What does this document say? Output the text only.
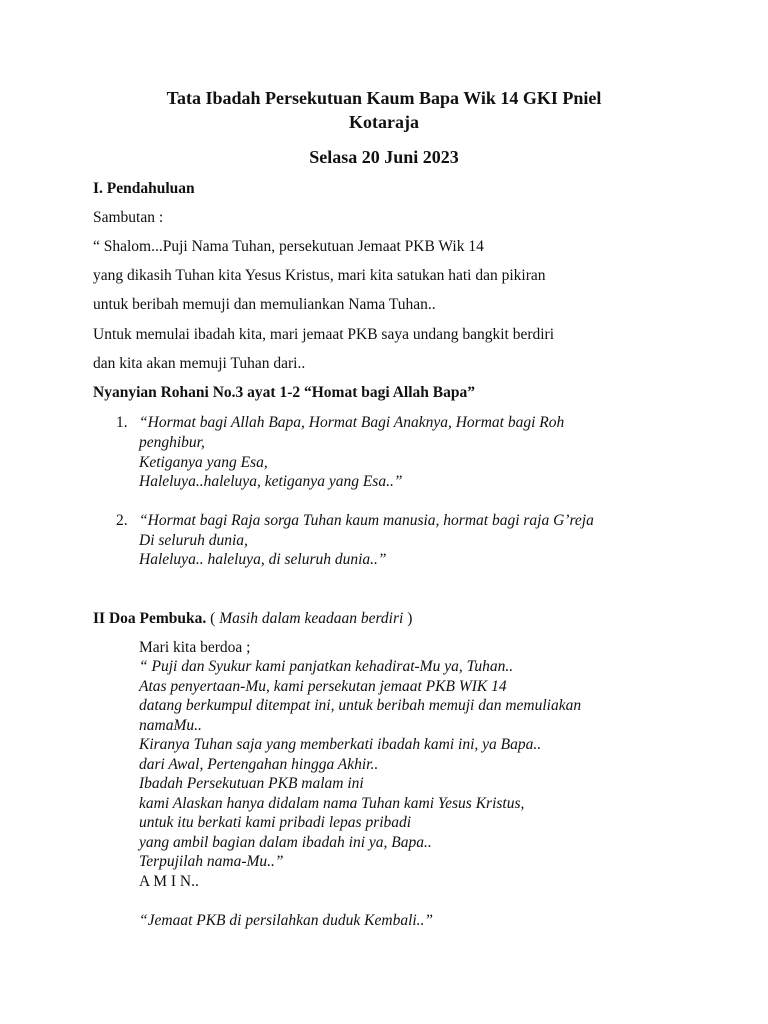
Tata Ibadah Persekutuan Kaum Bapa Wik 14 GKI Pniel
Kotaraja
Selasa 20 Juni 2023
I. Pendahuluan
Sambutan :
“ Shalom...Puji Nama Tuhan, persekutuan Jemaat PKB Wik 14
yang dikasih Tuhan kita Yesus Kristus, mari kita satukan hati dan pikiran
untuk beribah memuji dan memuliankan Nama Tuhan..
Untuk memulai ibadah kita, mari jemaat PKB saya undang bangkit berdiri
dan kita akan memuji Tuhan dari..
Nyanyian Rohani No.3 ayat 1-2 “Homat bagi Allah Bapa”
1. “Hormat bagi Allah Bapa, Hormat Bagi Anaknya, Hormat bagi Roh
penghibur,
Ketiganya yang Esa,
Haleluya..haleluya, ketiganya yang Esa..”
2. “Hormat bagi Raja sorga Tuhan kaum manusia, hormat bagi raja G’reja
Di seluruh dunia,
Haleluya.. haleluya, di seluruh dunia..”
II Doa Pembuka. ( Masih dalam keadaan berdiri )
Mari kita berdoa ;
“ Puji dan Syukur kami panjatkan kehadirat-Mu ya, Tuhan..
Atas penyertaan-Mu, kami persekutan jemaat PKB WIK 14
datang berkumpul ditempat ini, untuk beribah memuji dan memuliakan
namaMu..
Kiranya Tuhan saja yang memberkati ibadah kami ini, ya Bapa..
dari Awal, Pertengahan hingga Akhir..
Ibadah Persekutuan PKB malam ini
kami Alaskan hanya didalam nama Tuhan kami Yesus Kristus,
untuk itu berkati kami pribadi lepas pribadi
yang ambil bagian dalam ibadah ini ya, Bapa..
Terpujilah nama-Mu..”
A M I N..
“Jemaat PKB di persilahkan duduk Kembali..”
